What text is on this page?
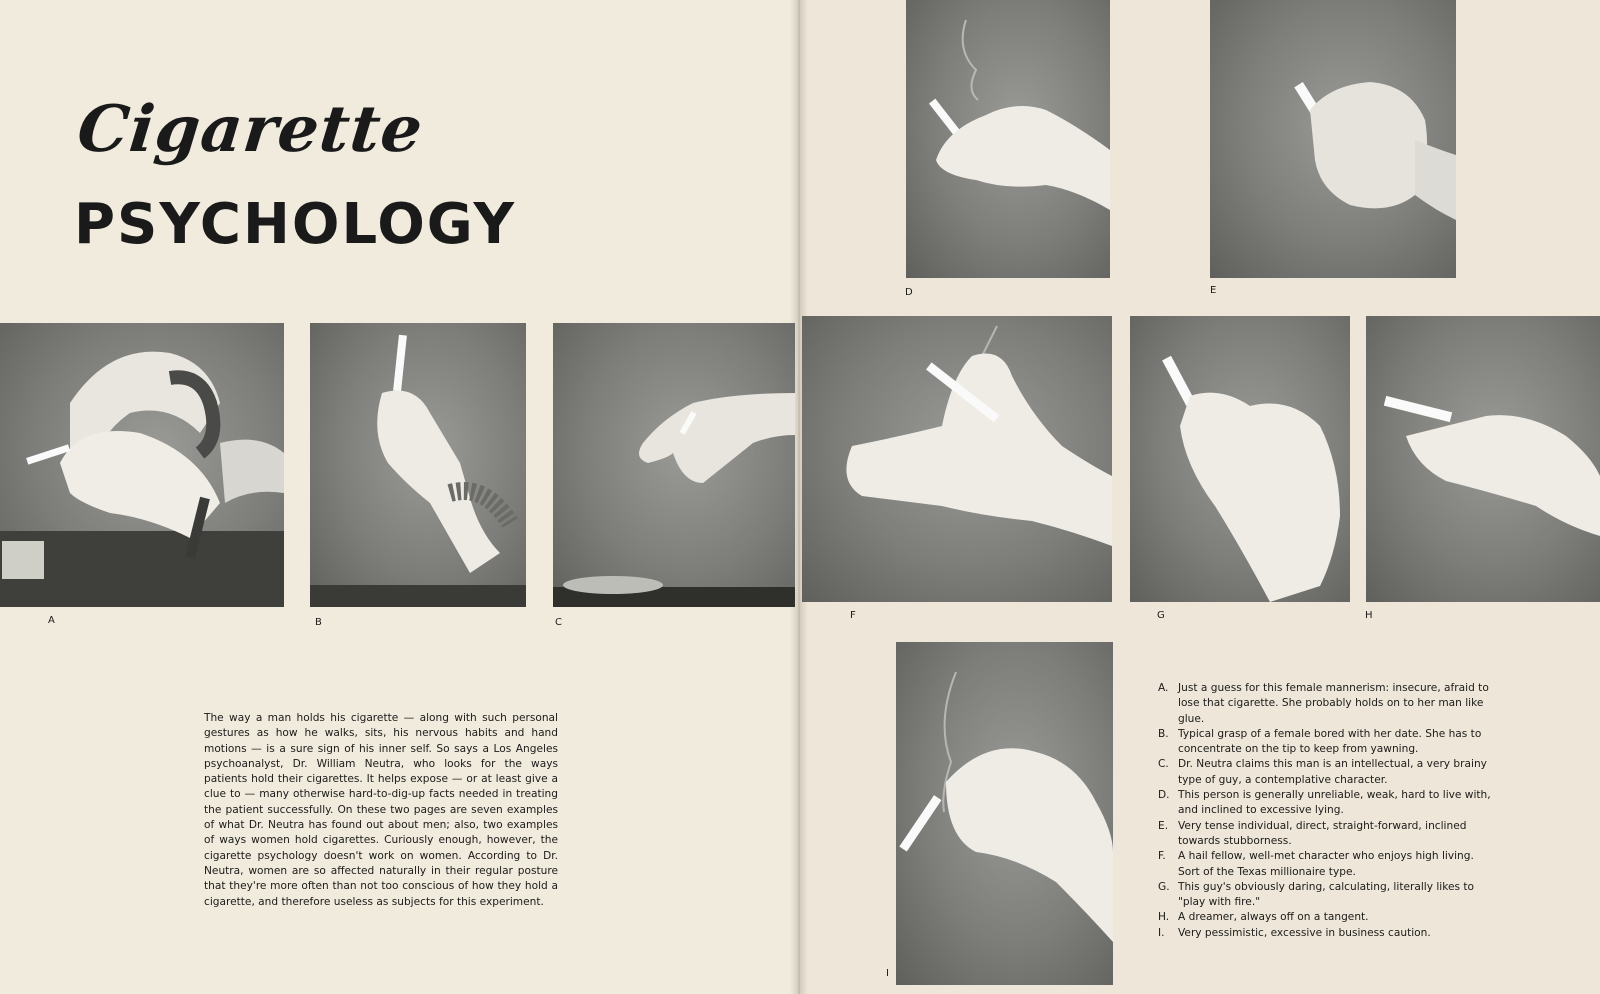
Cigarette
PSYCHOLOGY
A	B	C
D	E
F	G	H
I

The way a man holds his cigarette — along with such personal gestures as how he walks, sits, his nervous habits and hand motions — is a sure sign of his inner self. So says a Los Angeles psychoanalyst, Dr. William Neutra, who looks for the ways patients hold their cigarettes. It helps expose — or at least give a clue to — many otherwise hard-to-dig-up facts needed in treating the patient successfully. On these two pages are seven examples of what Dr. Neutra has found out about men; also, two examples of ways women hold cigarettes. Curiously enough, however, the cigarette psychology doesn't work on women. According to Dr. Neutra, women are so affected naturally in their regular posture that they're more often than not too conscious of how they hold a cigarette, and therefore useless as subjects for this experiment.

A. Just a guess for this female mannerism: insecure, afraid to lose that cigarette. She probably holds on to her man like glue.
B. Typical grasp of a female bored with her date. She has to concentrate on the tip to keep from yawning.
C. Dr. Neutra claims this man is an intellectual, a very brainy type of guy, a contemplative character.
D. This person is generally unreliable, weak, hard to live with, and inclined to excessive lying.
E. Very tense individual, direct, straight-forward, inclined towards stubborness.
F. A hail fellow, well-met character who enjoys high living. Sort of the Texas millionaire type.
G. This guy's obviously daring, calculating, literally likes to "play with fire."
H. A dreamer, always off on a tangent.
I. Very pessimistic, excessive in business caution.
